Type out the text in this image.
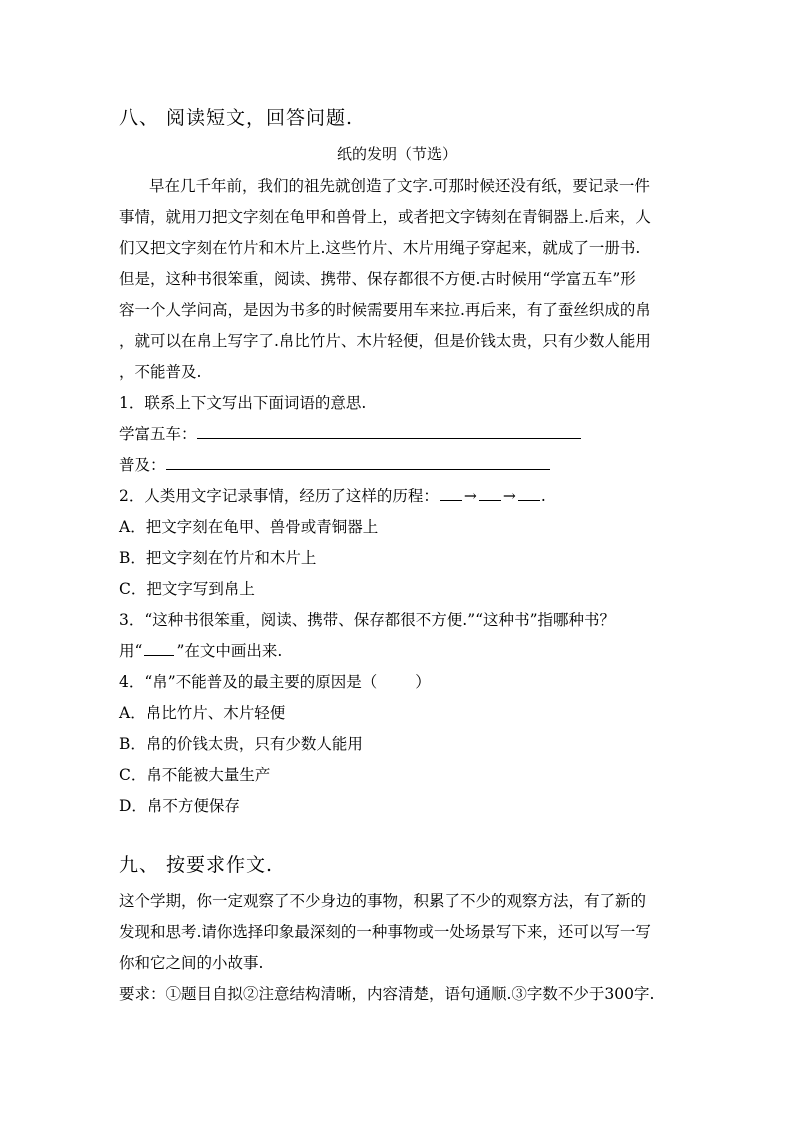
八、 阅读短文，回答问题.
纸的发明（节选）
早在几千年前，我们的祖先就创造了文字.可那时候还没有纸，要记录一件
事情，就用刀把文字刻在龟甲和兽骨上，或者把文字铸刻在青铜器上.后来，人
们又把文字刻在竹片和木片上.这些竹片、木片用绳子穿起来，就成了一册书.
但是，这种书很笨重，阅读、携带、保存都很不方便.古时候用“学富五车”形
容一个人学问高，是因为书多的时候需要用车来拉.再后来，有了蚕丝织成的帛
，就可以在帛上写字了.帛比竹片、木片轻便，但是价钱太贵，只有少数人能用
，不能普及.
1．联系上下文写出下面词语的意思.
学富五车：
普及：
2．人类用文字记录事情，经历了这样的历程： → → .
A．把文字刻在龟甲、兽骨或青铜器上
B．把文字刻在竹片和木片上
C．把文字写到帛上
3．“这种书很笨重，阅读、携带、保存都很不方便.”“这种书”指哪种书？
用“ ”在文中画出来.
4．“帛”不能普及的最主要的原因是（ ）
A．帛比竹片、木片轻便
B．帛的价钱太贵，只有少数人能用
C．帛不能被大量生产
D．帛不方便保存
九、 按要求作文.
这个学期，你一定观察了不少身边的事物，积累了不少的观察方法，有了新的
发现和思考.请你选择印象最深刻的一种事物或一处场景写下来，还可以写一写
你和它之间的小故事.
要求：①题目自拟②注意结构清晰，内容清楚，语句通顺.③字数不少于300字.
